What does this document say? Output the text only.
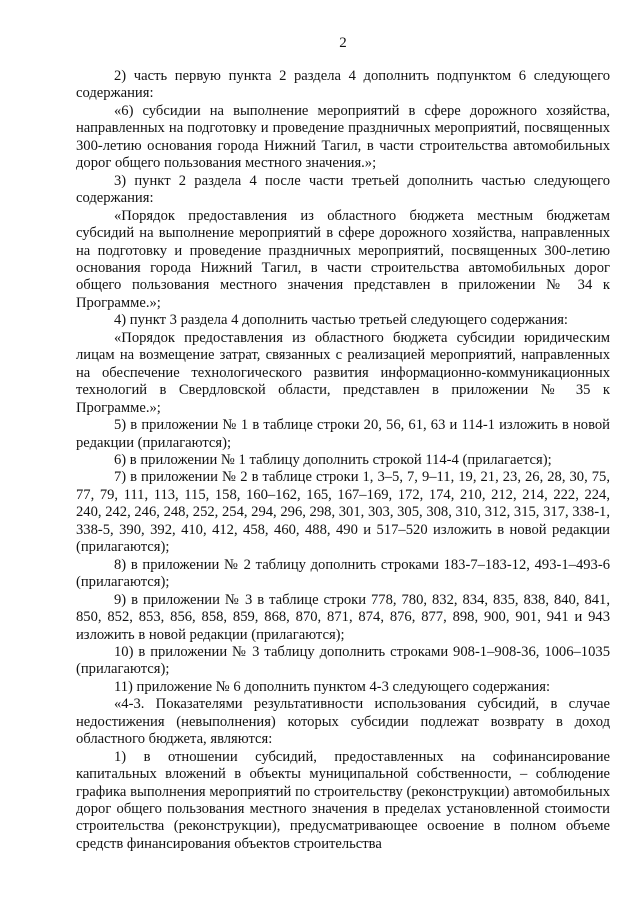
2

2) часть первую пункта 2 раздела 4 дополнить подпунктом 6 следующего содержания:

«6) субсидии на выполнение мероприятий в сфере дорожного хозяйства, направленных на подготовку и проведение праздничных мероприятий, посвященных 300-летию основания города Нижний Тагил, в части строительства автомобильных дорог общего пользования местного значения.»;

3) пункт 2 раздела 4 после части третьей дополнить частью следующего содержания:

«Порядок предоставления из областного бюджета местным бюджетам субсидий на выполнение мероприятий в сфере дорожного хозяйства, направленных на подготовку и проведение праздничных мероприятий, посвященных 300-летию основания города Нижний Тагил, в части строительства автомобильных дорог общего пользования местного значения представлен в приложении № 34 к Программе.»;

4) пункт 3 раздела 4 дополнить частью третьей следующего содержания:

«Порядок предоставления из областного бюджета субсидии юридическим лицам на возмещение затрат, связанных с реализацией мероприятий, направленных на обеспечение технологического развития информационно-коммуникационных технологий в Свердловской области, представлен в приложении № 35 к Программе.»;

5) в приложении № 1 в таблице строки 20, 56, 61, 63 и 114-1 изложить в новой редакции (прилагаются);

6) в приложении № 1 таблицу дополнить строкой 114-4 (прилагается);

7) в приложении № 2 в таблице строки 1, 3–5, 7, 9–11, 19, 21, 23, 26, 28, 30, 75, 77, 79, 111, 113, 115, 158, 160–162, 165, 167–169, 172, 174, 210, 212, 214, 222, 224, 240, 242, 246, 248, 252, 254, 294, 296, 298, 301, 303, 305, 308, 310, 312, 315, 317, 338-1, 338-5, 390, 392, 410, 412, 458, 460, 488, 490 и 517–520 изложить в новой редакции (прилагаются);

8) в приложении № 2 таблицу дополнить строками 183-7–183-12, 493-1–493-6 (прилагаются);

9) в приложении № 3 в таблице строки 778, 780, 832, 834, 835, 838, 840, 841, 850, 852, 853, 856, 858, 859, 868, 870, 871, 874, 876, 877, 898, 900, 901, 941 и 943 изложить в новой редакции (прилагаются);

10) в приложении № 3 таблицу дополнить строками 908-1–908-36, 1006–1035 (прилагаются);

11) приложение № 6 дополнить пунктом 4-3 следующего содержания:

«4-3. Показателями результативности использования субсидий, в случае недостижения (невыполнения) которых субсидии подлежат возврату в доход областного бюджета, являются:

1) в отношении субсидий, предоставленных на софинансирование капитальных вложений в объекты муниципальной собственности, – соблюдение графика выполнения мероприятий по строительству (реконструкции) автомобильных дорог общего пользования местного значения в пределах установленной стоимости строительства (реконструкции), предусматривающее освоение в полном объеме средств финансирования объектов строительства
